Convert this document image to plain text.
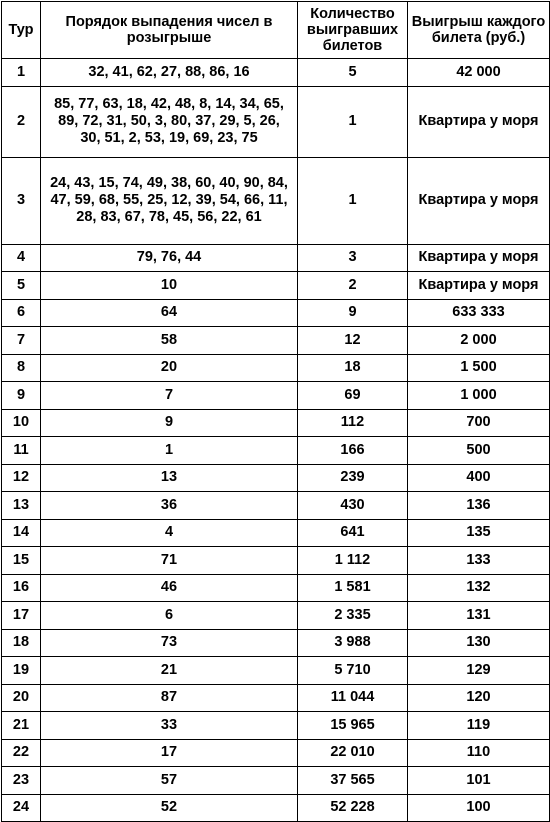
Тур	Порядок выпадения чисел в розыгрыше	Количество выигравших билетов	Выигрыш каждого билета (руб.)
1	32, 41, 62, 27, 88, 86, 16	5	42 000
2	85, 77, 63, 18, 42, 48, 8, 14, 34, 65, 89, 72, 31, 50, 3, 80, 37, 29, 5, 26, 30, 51, 2, 53, 19, 69, 23, 75	1	Квартира у моря
3	24, 43, 15, 74, 49, 38, 60, 40, 90, 84, 47, 59, 68, 55, 25, 12, 39, 54, 66, 11, 28, 83, 67, 78, 45, 56, 22, 61	1	Квартира у моря
4	79, 76, 44	3	Квартира у моря
5	10	2	Квартира у моря
6	64	9	633 333
7	58	12	2 000
8	20	18	1 500
9	7	69	1 000
10	9	112	700
11	1	166	500
12	13	239	400
13	36	430	136
14	4	641	135
15	71	1 112	133
16	46	1 581	132
17	6	2 335	131
18	73	3 988	130
19	21	5 710	129
20	87	11 044	120
21	33	15 965	119
22	17	22 010	110
23	57	37 565	101
24	52	52 228	100
